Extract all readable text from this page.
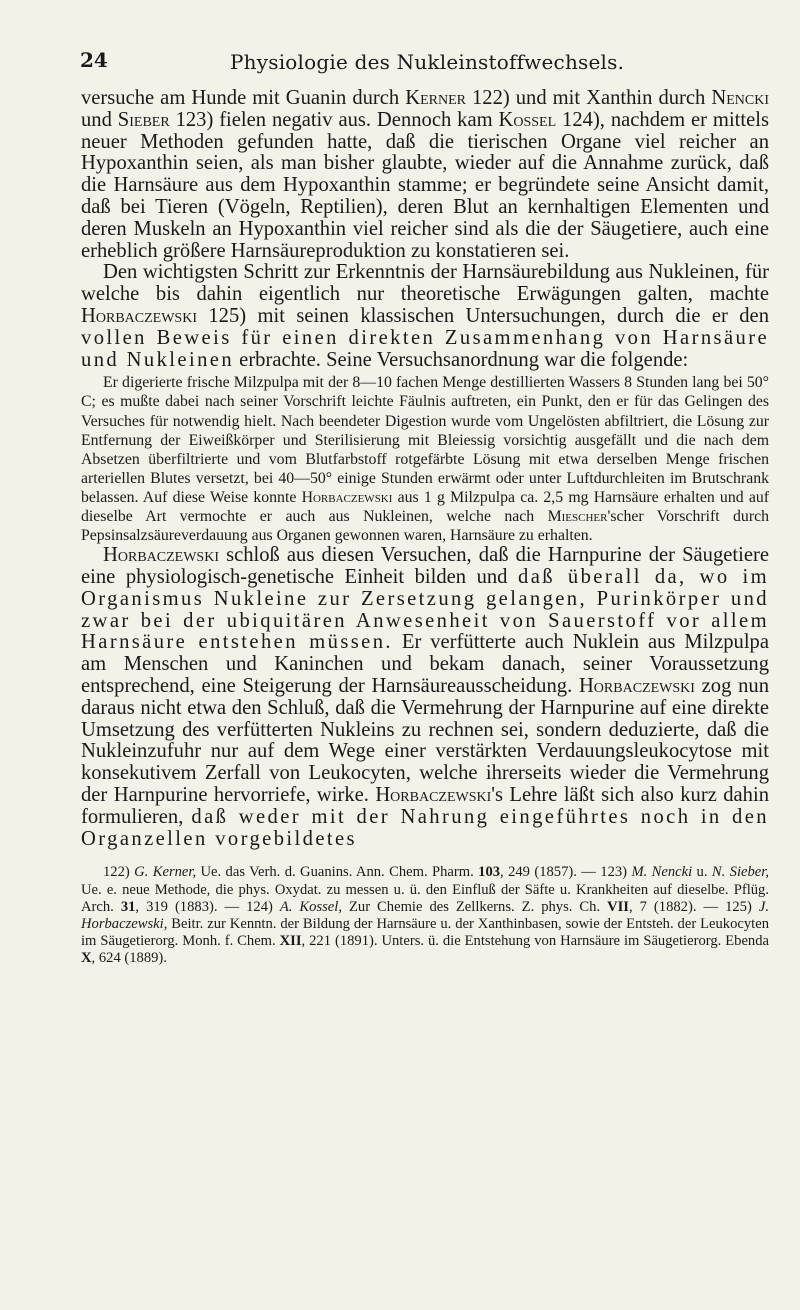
24	Physiologie des Nukleinstoffwechsels.

versuche am Hunde mit Guanin durch Kerner 122) und mit Xanthin durch Nencki und Sieber 123) fielen negativ aus. Dennoch kam Kossel 124), nachdem er mittels neuer Methoden gefunden hatte, daß die tierischen Organe viel reicher an Hypoxanthin seien, als man bisher glaubte, wieder auf die Annahme zurück, daß die Harnsäure aus dem Hypoxanthin stamme; er begründete seine Ansicht damit, daß bei Tieren (Vögeln, Reptilien), deren Blut an kernhaltigen Elementen und deren Muskeln an Hypoxanthin viel reicher sind als die der Säugetiere, auch eine erheblich größere Harnsäureproduktion zu konstatieren sei.

Den wichtigsten Schritt zur Erkenntnis der Harnsäurebildung aus Nukleinen, für welche bis dahin eigentlich nur theoretische Erwägungen galten, machte Horbaczewski 125) mit seinen klassischen Untersuchungen, durch die er den vollen Beweis für einen direkten Zusammenhang von Harnsäure und Nukleinen erbrachte. Seine Versuchsanordnung war die folgende:

Er digerierte frische Milzpulpa mit der 8—10 fachen Menge destillierten Wassers 8 Stunden lang bei 50° C; es mußte dabei nach seiner Vorschrift leichte Fäulnis auftreten, ein Punkt, den er für das Gelingen des Versuches für notwendig hielt. Nach beendeter Digestion wurde vom Ungelösten abfiltriert, die Lösung zur Entfernung der Eiweißkörper und Sterilisierung mit Bleiessig vorsichtig ausgefällt und die nach dem Absetzen überfiltrierte und vom Blutfarbstoff rotgefärbte Lösung mit etwa derselben Menge frischen arteriellen Blutes versetzt, bei 40—50° einige Stunden erwärmt oder unter Luftdurchleiten im Brutschrank belassen. Auf diese Weise konnte Horbaczewski aus 1 g Milzpulpa ca. 2,5 mg Harnsäure erhalten und auf dieselbe Art vermochte er auch aus Nukleinen, welche nach Miescher'scher Vorschrift durch Pepsinsalzsäureverdauung aus Organen gewonnen waren, Harnsäure zu erhalten.

Horbaczewski schloß aus diesen Versuchen, daß die Harnpurine der Säugetiere eine physiologisch-genetische Einheit bilden und daß überall da, wo im Organismus Nukleine zur Zersetzung gelangen, Purinkörper und zwar bei der ubiquitären Anwesenheit von Sauerstoff vor allem Harnsäure entstehen müssen. Er verfütterte auch Nuklein aus Milzpulpa am Menschen und Kaninchen und bekam danach, seiner Voraussetzung entsprechend, eine Steigerung der Harnsäureausscheidung. Horbaczewski zog nun daraus nicht etwa den Schluß, daß die Vermehrung der Harnpurine auf eine direkte Umsetzung des verfütterten Nukleins zu rechnen sei, sondern deduzierte, daß die Nukleinzufuhr nur auf dem Wege einer verstärkten Verdauungsleukocytose mit konsekutivem Zerfall von Leukocyten, welche ihrerseits wieder die Vermehrung der Harnpurine hervorriefe, wirke. Horbaczewski's Lehre läßt sich also kurz dahin formulieren, daß weder mit der Nahrung eingeführtes noch in den Organzellen vorgebildetes

122) G. Kerner, Ue. das Verh. d. Guanins. Ann. Chem. Pharm. 103, 249 (1857). — 123) M. Nencki u. N. Sieber, Ue. e. neue Methode, die phys. Oxydat. zu messen u. ü. den Einfluß der Säfte u. Krankheiten auf dieselbe. Pflüg. Arch. 31, 319 (1883). — 124) A. Kossel, Zur Chemie des Zellkerns. Z. phys. Ch. VII, 7 (1882). — 125) J. Horbaczewski, Beitr. zur Kenntn. der Bildung der Harnsäure u. der Xanthinbasen, sowie der Entsteh. der Leukocyten im Säugetierorg. Monh. f. Chem. XII, 221 (1891). Unters. ü. die Entstehung von Harnsäure im Säugetierorg. Ebenda X, 624 (1889).
